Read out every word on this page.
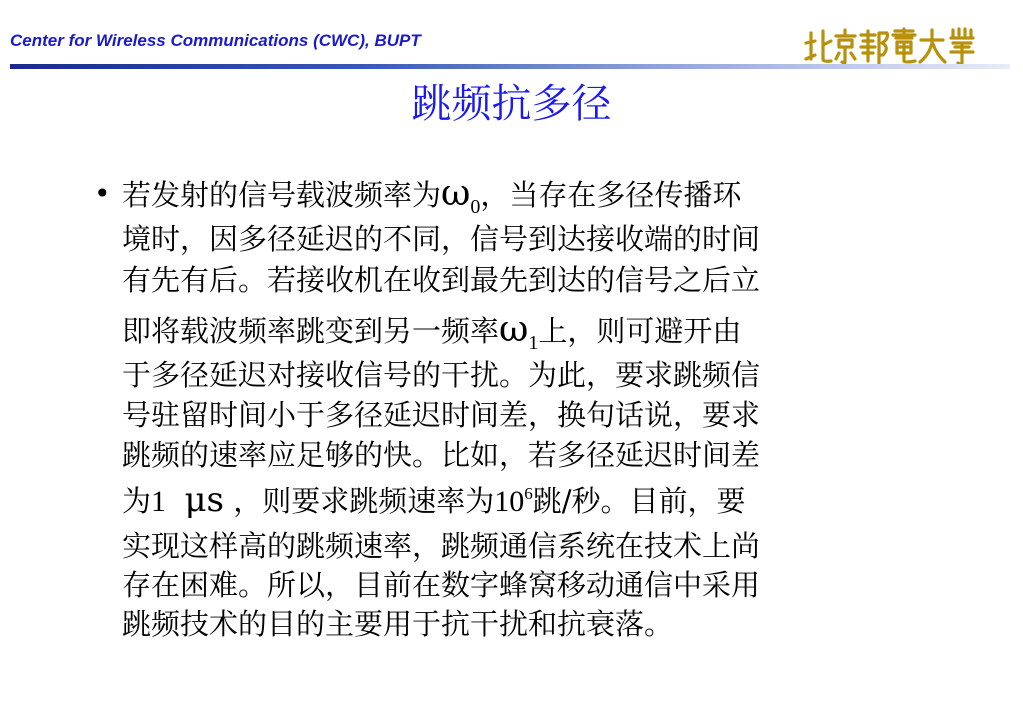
Center for Wireless Communications (CWC), BUPT
跳频抗多径
• 若发射的信号载波频率为$\omega_0$，当存在多径传播环
境时，因多径延迟的不同，信号到达接收端的时间
有先有后。若接收机在收到最先到达的信号之后立
即将载波频率跳变到另一频率$\omega_1$上，则可避开由
于多径延迟对接收信号的干扰。为此，要求跳频信
号驻留时间小于多径延迟时间差，换句话说，要求
跳频的速率应足够的快。比如，若多径延迟时间差
为1 μs ，则要求跳频速率为$10^6$跳/秒。目前，要
实现这样高的跳频速率，跳频通信系统在技术上尚
存在困难。所以，目前在数字蜂窝移动通信中采用
跳频技术的目的主要用于抗干扰和抗衰落。
